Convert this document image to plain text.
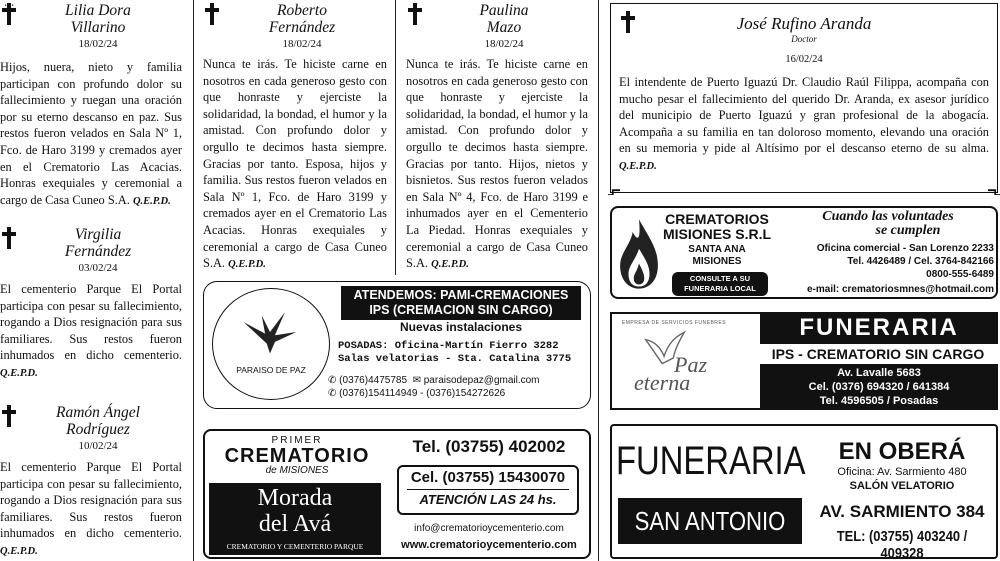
Lilia Dora
Villarino
18/02/24
Hijos, nuera, nieto y familia participan con profundo dolor su fallecimiento y ruegan una oración por su eterno descanso en paz. Sus restos fueron velados en Sala Nº 1, Fco. de Haro 3199 y cremados ayer en el Crematorio Las Acacias. Honras exequiales y ceremonial a cargo de Casa Cuneo S.A. Q.E.P.D.
Virgilia
Fernández
03/02/24
El cementerio Parque El Portal participa con pesar su fallecimiento, rogando a Dios resignación para sus familiares. Sus restos fueron inhumados en dicho cementerio. Q.E.P.D.
Ramón Ángel
Rodríguez
10/02/24
El cementerio Parque El Portal participa con pesar su fallecimiento, rogando a Dios resignación para sus familiares. Sus restos fueron inhumados en dicho cementerio. Q.E.P.D.
Roberto
Fernández
18/02/24
Nunca te irás. Te hiciste carne en nosotros en cada generoso gesto con que honraste y ejerciste la solidaridad, la bondad, el humor y la amistad. Con profundo dolor y orgullo te decimos hasta siempre. Gracias por tanto. Esposa, hijos y familia. Sus restos fueron velados en Sala Nº 1, Fco. de Haro 3199 y cremados ayer en el Crematorio Las Acacias. Honras exequiales y ceremonial a cargo de Casa Cuneo S.A. Q.E.P.D.
Paulina
Mazo
18/02/24
Nunca te irás. Te hiciste carne en nosotros en cada generoso gesto con que honraste y ejerciste la solidaridad, la bondad, el humor y la amistad. Con profundo dolor y orgullo te decimos hasta siempre. Gracias por tanto. Hijos, nietos y bisnietos. Sus restos fueron velados en Sala Nº 4, Fco. de Haro 3199 e inhumados ayer en el Cementerio La Piedad. Honras exequiales y ceremonial a cargo de Casa Cuneo S.A. Q.E.P.D.
PARAISO DE PAZ
ATENDEMOS: PAMI-CREMACIONES
IPS (CREMACION SIN CARGO)
Nuevas instalaciones
POSADAS: Oficina-Martín Fierro 3282
Salas velatorias - Sta. Catalina 3775
✆ (0376)4475785 ✉ paraisodepaz@gmail.com
✆ (0376)154114949 - (0376)154272626
PRIMER
CREMATORIO
de MISIONES
Morada
del Avá
CREMATORIO Y CEMENTERIO PARQUE
Tel. (03755) 402002
Cel. (03755) 15430070
ATENCIÓN LAS 24 hs.
info@crematorioycementerio.com
www.crematorioycementerio.com
José Rufino Aranda
Doctor
16/02/24
El intendente de Puerto Iguazú Dr. Claudio Raúl Filippa, acompaña con mucho pesar el fallecimiento del querido Dr. Aranda, ex asesor jurídico del municipio de Puerto Iguazú y gran profesional de la abogacía. Acompaña a su familia en tan doloroso momento, elevando una oración en su memoria y pide al Altísimo por el descanso eterno de su alma. Q.E.P.D.
CREMATORIOS
MISIONES S.R.L
SANTA ANA
MISIONES
CONSULTE A SU
FUNERARIA LOCAL
Cuando las voluntades
se cumplen
Oficina comercial - San Lorenzo 2233
Tel. 4426489 / Cel. 3764-842166
0800-555-6489
e-mail: crematoriosmnes@hotmail.com
EMPRESA DE SERVICIOS FUNEBRES
Paz
eterna
FUNERARIA
IPS - CREMATORIO SIN CARGO
Av. Lavalle 5683
Cel. (0376) 694320 / 641384
Tel. 4596505 / Posadas
FUNERARIA
SAN ANTONIO
EN OBERÁ
Oficina: Av. Sarmiento 480
SALÓN VELATORIO
AV. SARMIENTO 384
TEL: (03755) 403240 / 409328
